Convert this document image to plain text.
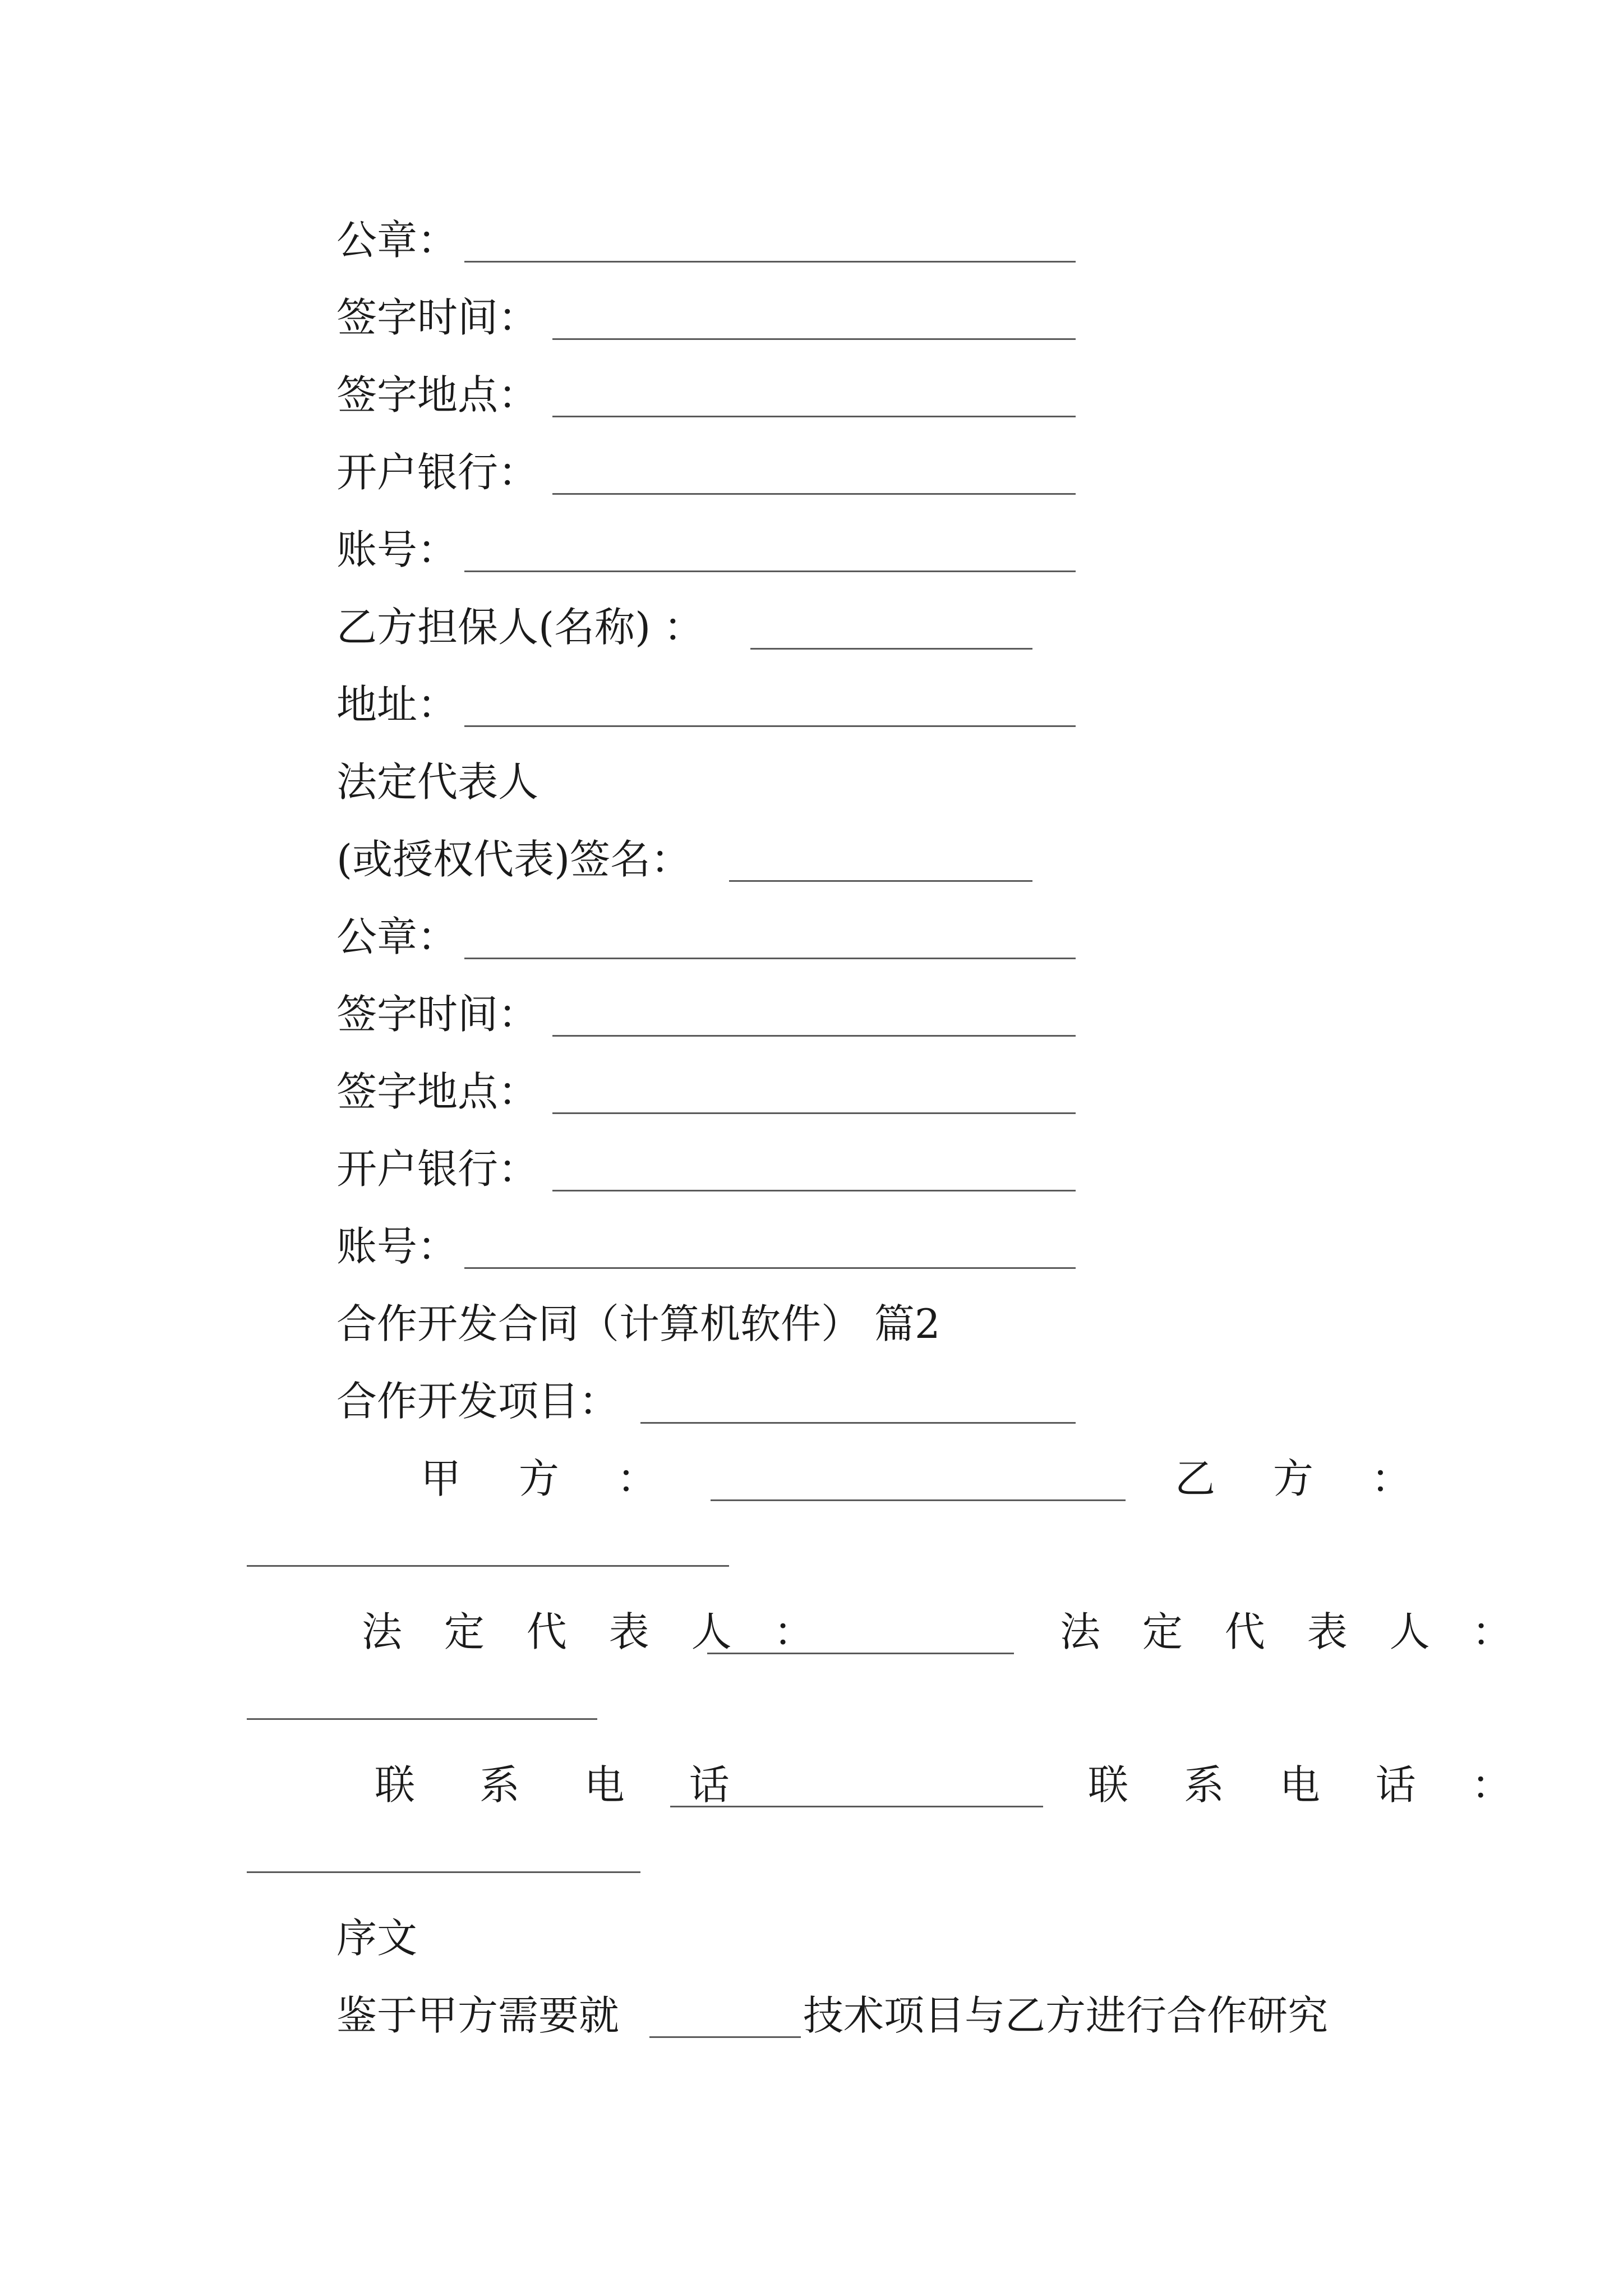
公章：
签字时间：
签字地点：
开户银行：
账号：
乙方担保人(名称) ：
地址：
法定代表人
(或授权代表)签名：
公章：
签字时间：
签字地点：
开户银行：
账号：
合作开发合同（计算机软件） 篇2
合作开发项目：
甲 方 ：	乙 方 ：
法 定 代 表 人 ：	法 定 代 表 人 ：
联 系 电 话	联 系 电 话 ：
序文
鉴于甲方需要就	技术项目与乙方进行合作研究
